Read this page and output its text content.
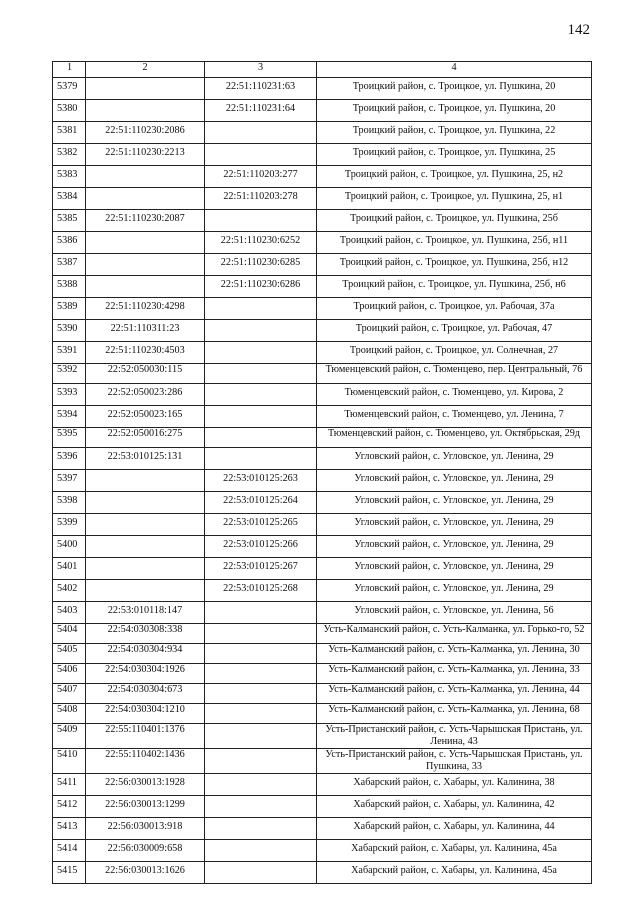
142
1	2	3	4
5379		22:51:110231:63	Троицкий район, с. Троицкое, ул. Пушкина, 20
5380		22:51:110231:64	Троицкий район, с. Троицкое, ул. Пушкина, 20
5381	22:51:110230:2086		Троицкий район, с. Троицкое, ул. Пушкина, 22
5382	22:51:110230:2213		Троицкий район, с. Троицкое, ул. Пушкина, 25
5383		22:51:110203:277	Троицкий район, с. Троицкое, ул. Пушкина, 25, н2
5384		22:51:110203:278	Троицкий район, с. Троицкое, ул. Пушкина, 25, н1
5385	22:51:110230:2087		Троицкий район, с. Троицкое, ул. Пушкина, 25б
5386		22:51:110230:6252	Троицкий район, с. Троицкое, ул. Пушкина, 25б, н11
5387		22:51:110230:6285	Троицкий район, с. Троицкое, ул. Пушкина, 25б, н12
5388		22:51:110230:6286	Троицкий район, с. Троицкое, ул. Пушкина, 25б, н6
5389	22:51:110230:4298		Троицкий район, с. Троицкое, ул. Рабочая, 37а
5390	22:51:110311:23		Троицкий район, с. Троицкое, ул. Рабочая, 47
5391	22:51:110230:4503		Троицкий район, с. Троицкое, ул. Солнечная, 27
5392	22:52:050030:115		Тюменцевский район, с. Тюменцево, пер. Центральный, 76
5393	22:52:050023:286		Тюменцевский район, с. Тюменцево, ул. Кирова, 2
5394	22:52:050023:165		Тюменцевский район, с. Тюменцево, ул. Ленина, 7
5395	22:52:050016:275		Тюменцевский район, с. Тюменцево, ул. Октябрьская, 29д
5396	22:53:010125:131		Угловский район, с. Угловское, ул. Ленина, 29
5397		22:53:010125:263	Угловский район, с. Угловское, ул. Ленина, 29
5398		22:53:010125:264	Угловский район, с. Угловское, ул. Ленина, 29
5399		22:53:010125:265	Угловский район, с. Угловское, ул. Ленина, 29
5400		22:53:010125:266	Угловский район, с. Угловское, ул. Ленина, 29
5401		22:53:010125:267	Угловский район, с. Угловское, ул. Ленина, 29
5402		22:53:010125:268	Угловский район, с. Угловское, ул. Ленина, 29
5403	22:53:010118:147		Угловский район, с. Угловское, ул. Ленина, 56
5404	22:54:030308:338		Усть-Калманский район, с. Усть-Калманка, ул. Горько-го, 52
5405	22:54:030304:934		Усть-Калманский район, с. Усть-Калманка, ул. Ленина, 30
5406	22:54:030304:1926		Усть-Калманский район, с. Усть-Калманка, ул. Ленина, 33
5407	22:54:030304:673		Усть-Калманский район, с. Усть-Калманка, ул. Ленина, 44
5408	22:54:030304:1210		Усть-Калманский район, с. Усть-Калманка, ул. Ленина, 68
5409	22:55:110401:1376		Усть-Пристанский район, с. Усть-Чарышская Пристань, ул. Ленина, 43
5410	22:55:110402:1436		Усть-Пристанский район, с. Усть-Чарышская Пристань, ул. Пушкина, 33
5411	22:56:030013:1928		Хабарский район, с. Хабары, ул. Калинина, 38
5412	22:56:030013:1299		Хабарский район, с. Хабары, ул. Калинина, 42
5413	22:56:030013:918		Хабарский район, с. Хабары, ул. Калинина, 44
5414	22:56:030009:658		Хабарский район, с. Хабары, ул. Калинина, 45а
5415	22:56:030013:1626		Хабарский район, с. Хабары, ул. Калинина, 45а
